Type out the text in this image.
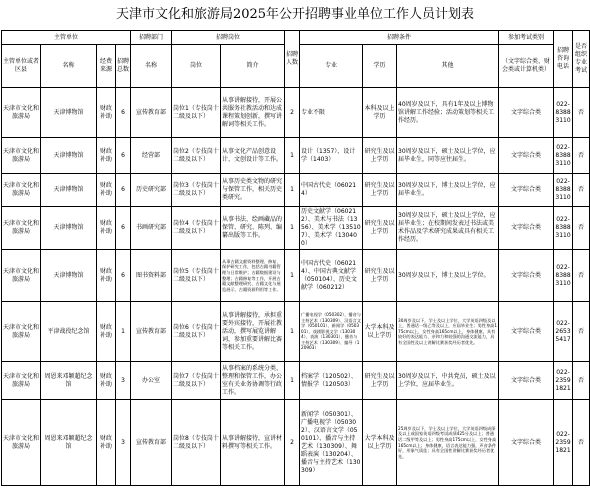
天津市文化和旅游局2025年公开招聘事业单位工作人员计划表
主管单位				招聘部门	招聘岗位		招聘人数	招聘条件			参加考试类别	招聘咨询电话	是否组织专业考试
主管单位或者区县	名称	经费来源	招聘总数	名称	岗位	简介		专业	学历	其他	（文字综合类、财会类或计算机类）		
天津市文化和旅游局	天津博物馆	财政补助	6	宣传教育部	岗位1（专技岗十二级及以下）	从事讲解接待，开展公共服务社教活动和达成课程策划创新，撰写讲解词等相关工作。	2	专业不限	本科及以上学历	40周岁及以下，具有1年及以上博物馆讲解工作经验；活动策划等相关工作经历。	文字综合类	022-83883110	否
天津市文化和旅游局	天津博物馆	财政补助	6	经营部	岗位2（专技岗十二级及以下）	从事文化产品创意设计、文创设计等工作。	1	设计（1357）、设计学（1403）	研究生及以上学历	30周岁及以下，硕士及以上学位，应届毕业生，同等应往届生。	文字综合类	022-83883110	否
天津市文化和旅游局	天津博物馆	财政补助	6	历史研究部	岗位3（专技岗十二级及以下）	从事历史类文物的研究与保管工作，相关历史类研究。	1	中国古代史（060214）	研究生及以上学历	30周岁及以下，博士及以上学位，应届毕业生。	文字综合类	022-83883110	否
天津市文化和旅游局	天津博物馆	财政补助	6	书画研究部	岗位4（专技岗十二级及以下）	从事书法、绘画藏品的保管、研究、陈列、编纂出版等工作。	1	历史文献学（060212）、美术与书法（1356）、美术学（135107）、美术学（130400）	研究生及以上学历	30周岁及以下，硕士及以上学位，应届毕业生；在校期间发表过书法或美术作品及学术研究成果或具有相关工作经历。	文字综合类	022-83883110	否
天津市文化和旅游局	天津博物馆	财政补助	6	图书资料部	岗位5（专技岗十二级及以下）	从事古籍文献资料整理、修复、保护研究工作，包括古籍书籍管理与日常维护；古籍数据建设与整理；古籍修复等工作，开展古籍文献整理研究、古籍文化与展览展示、古籍资源利用等工作。	1	中国古代史（060214）、中国古典文献学（050104）、历史文献学（060212）	研究生及以上学历	30周岁及以下，博士及以上学位。	文字综合类	022-83883110	否
天津市文化和旅游局	平津战役纪念馆	财政补助	1	宣传教育部	岗位6（专技岗十二级及以下）	从事讲解接待，承担重要外宾接待，开展社教活动，撰写展览讲解词，参加重要讲解比赛等相关工作。	1	广播电视学（050302）、播音与主持艺术（130309）、汉语言文学（050101）、新闻学（050301）、戏剧影视文学（130304）、表演（130301）、播音与主持艺术（130309）、编导（120903）	大学本科及以上学历	30周岁及以下，学士及以上学位，大学英语四级及以上，普通话一级乙等及以上，应届毕业生；男性身高175cm以上，女性身高165cm以上，身体健康，具有较好的表达能力、亲和力和较强的沟通交流能力，具有全国性及以上讲解比赛获奖经历者优先。	文字综合类	022-26535417	否
天津市文化和旅游局	周恩来邓颖超纪念馆	财政补助	3	办公室	岗位7（专技岗十二级及以下）	从事档案的系统分类、整理和保管工作，办公室有关业务协调等行政工作。	1	档案学（120502）、情报学（120503）	研究生及以上学历	30周岁及以下，中共党员，硕士及以上学位，应届毕业生。	文字综合类	022-23591821	否
天津市文化和旅游局	周恩来邓颖超纪念馆	财政补助	3	宣传教育部	岗位8（专技岗十二级及以下）	从事讲解接待，宣讲材料撰写等相关工作。	2	新闻学（050301）、广播电视学（050302）、汉语言文学（050101）、播音与主持艺术（130309）、舞蹈表演（130204）、播音与主持艺术（130309）	大学本科及以上学历	25周岁及以下，学士及以上学位，大学英语四级成绩及以上或国家英语四级考试成绩425分及以上；普通话二级甲等及以上；男性身高175cm以上，女性身高165cm以上；身体健康，语言表达能力强，声音条件好，形象气质佳；具有全国性讲解比赛获奖经历者优先。	文字综合类	022-23591821	否
